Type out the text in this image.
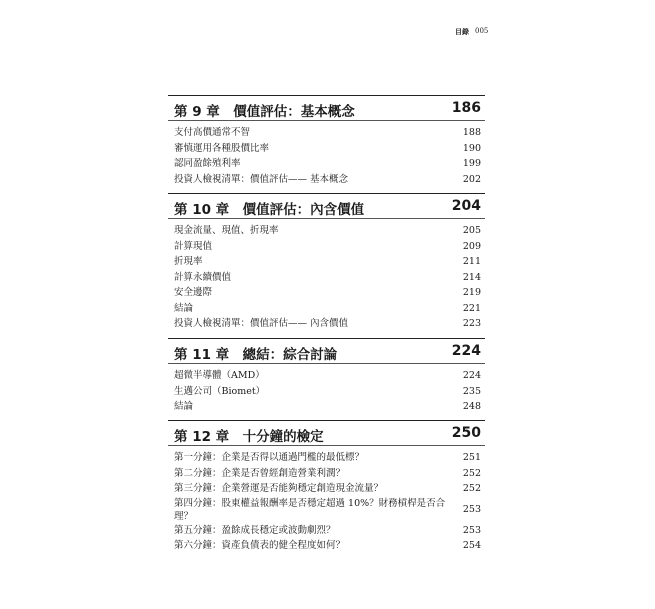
目錄 005
第 9 章　價值評估：基本概念	186
支付高價通常不智	188
審慎運用各種股價比率	190
認同盈餘殖利率	199
投資人檢視清單：價值評估—— 基本概念	202
第 10 章　價值評估：內含價值	204
現金流量、現值、折現率	205
計算現值	209
折現率	211
計算永續價值	214
安全邊際	219
結論	221
投資人檢視清單：價值評估—— 內含價值	223
第 11 章　總結：綜合討論	224
超微半導體（AMD）	224
生邁公司（Biomet）	235
結論	248
第 12 章　十分鐘的檢定	250
第一分鐘：企業是否得以通過門檻的最低標？	251
第二分鐘：企業是否曾經創造營業利潤？	252
第三分鐘：企業營運是否能夠穩定創造現金流量？	252
第四分鐘：股東權益報酬率是否穩定超過 10%？財務槓桿是否合理？
253
第五分鐘：盈餘成長穩定或波動劇烈？	253
第六分鐘：資產負債表的健全程度如何？	254
